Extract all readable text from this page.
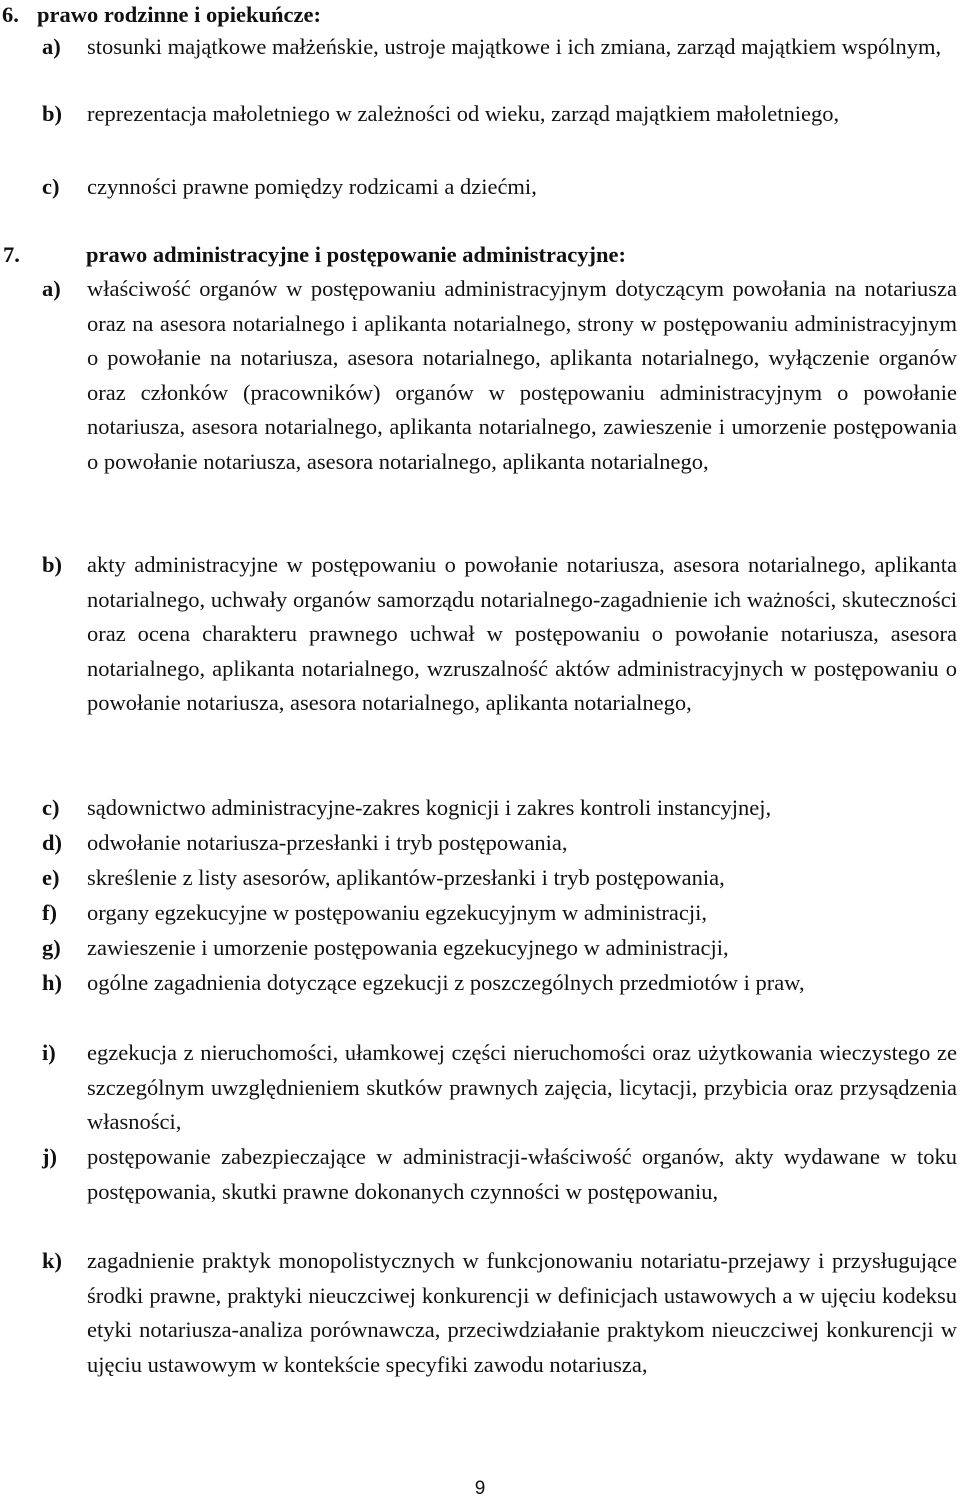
6. prawo rodzinne i opiekuńcze:
a) stosunki majątkowe małżeńskie, ustroje majątkowe i ich zmiana, zarząd majątkiem wspólnym,
b) reprezentacja małoletniego w zależności od wieku, zarząd majątkiem małoletniego,
c) czynności prawne pomiędzy rodzicami a dziećmi,
7.	prawo administracyjne i postępowanie administracyjne:
a) właściwość organów w postępowaniu administracyjnym dotyczącym powołania na notariusza oraz na asesora notarialnego i aplikanta notarialnego, strony w postępowaniu administracyjnym o powołanie na notariusza, asesora notarialnego, aplikanta notarialnego, wyłączenie organów oraz członków (pracowników) organów w postępowaniu administracyjnym o powołanie notariusza, asesora notarialnego, aplikanta notarialnego, zawieszenie i umorzenie postępowania o powołanie notariusza, asesora notarialnego, aplikanta notarialnego,
b) akty administracyjne w postępowaniu o powołanie notariusza, asesora notarialnego, aplikanta notarialnego, uchwały organów samorządu notarialnego-zagadnienie ich ważności, skuteczności oraz ocena charakteru prawnego uchwał w postępowaniu o powołanie notariusza, asesora notarialnego, aplikanta notarialnego, wzruszalność aktów administracyjnych w postępowaniu o powołanie notariusza, asesora notarialnego, aplikanta notarialnego,
c) sądownictwo administracyjne-zakres kognicji i zakres kontroli instancyjnej,
d) odwołanie notariusza-przesłanki i tryb postępowania,
e) skreślenie z listy asesorów, aplikantów-przesłanki i tryb postępowania,
f) organy egzekucyjne w postępowaniu egzekucyjnym w administracji,
g) zawieszenie i umorzenie postępowania egzekucyjnego w administracji,
h) ogólne zagadnienia dotyczące egzekucji z poszczególnych przedmiotów i praw,
i) egzekucja z nieruchomości, ułamkowej części nieruchomości oraz użytkowania wieczystego ze szczególnym uwzględnieniem skutków prawnych zajęcia, licytacji, przybicia oraz przysądzenia własności,
j) postępowanie zabezpieczające w administracji-właściwość organów, akty wydawane w toku postępowania, skutki prawne dokonanych czynności w postępowaniu,
k) zagadnienie praktyk monopolistycznych w funkcjonowaniu notariatu-przejawy i przysługujące środki prawne, praktyki nieuczciwej konkurencji w definicjach ustawowych a w ujęciu kodeksu etyki notariusza-analiza porównawcza, przeciwdziałanie praktykom nieuczciwej konkurencji w ujęciu ustawowym w kontekście specyfiki zawodu notariusza,
9
